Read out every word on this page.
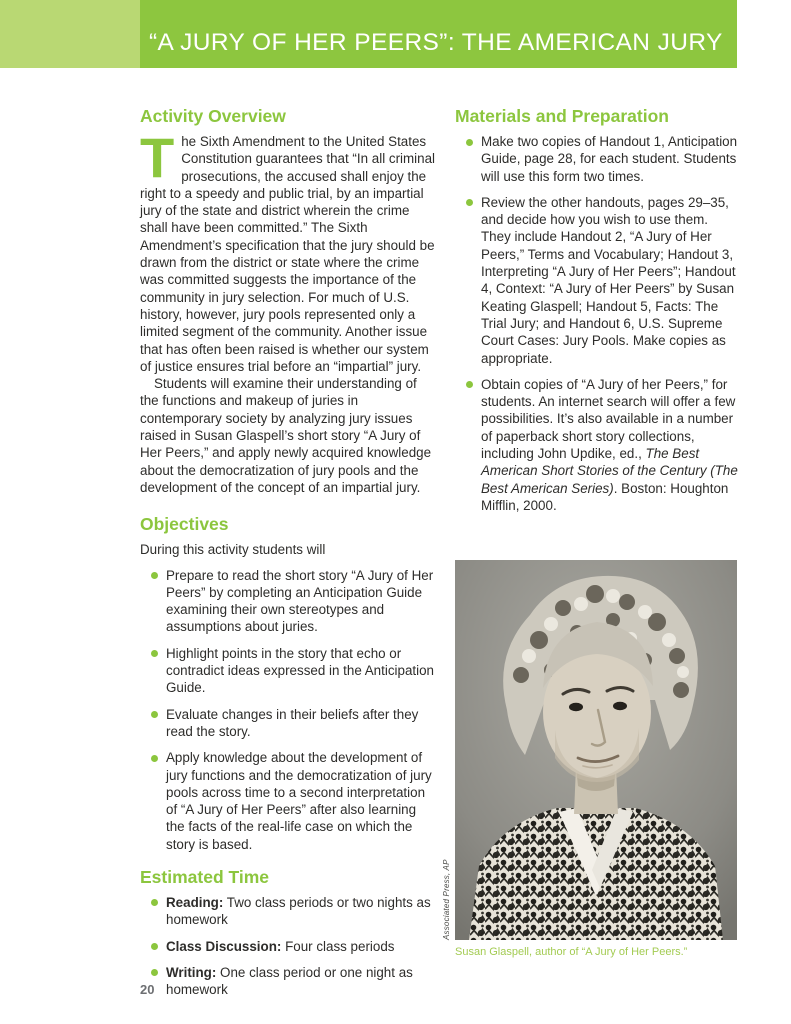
“A JURY OF HER PEERS”: THE AMERICAN JURY
Activity Overview

The Sixth Amendment to the United States Constitution guarantees that “In all criminal prosecutions, the accused shall enjoy the right to a speedy and public trial, by an impartial jury of the state and district wherein the crime shall have been committed.” The Sixth Amendment’s specification that the jury should be drawn from the district or state where the crime was committed suggests the importance of the community in jury selection. For much of U.S. history, however, jury pools represented only a limited segment of the community. Another issue that has often been raised is whether our system of justice ensures trial before an “impartial” jury.

Students will examine their understanding of the functions and makeup of juries in contemporary society by analyzing jury issues raised in Susan Glaspell’s short story “A Jury of Her Peers,” and apply newly acquired knowledge about the democratization of jury pools and the development of the concept of an impartial jury.

Objectives

During this activity students will

Prepare to read the short story “A Jury of Her Peers” by completing an Anticipation Guide examining their own stereotypes and assumptions about juries.
Highlight points in the story that echo or contradict ideas expressed in the Anticipation Guide.
Evaluate changes in their beliefs after they read the story.
Apply knowledge about the development of jury functions and the democratization of jury pools across time to a second interpretation of “A Jury of Her Peers” after also learning the facts of the real-life case on which the story is based.
Estimated Time
Reading: Two class periods or two nights as homework
Class Discussion: Four class periods
Writing: One class period or one night as homework
Materials and Preparation
Make two copies of Handout 1, Anticipation Guide, page 28, for each student. Students will use this form two times.
Review the other handouts, pages 29–35, and decide how you wish to use them. They include Handout 2, “A Jury of Her Peers,” Terms and Vocabulary; Handout 3, Interpreting “A Jury of Her Peers”; Handout 4, Context: “A Jury of Her Peers” by Susan Keating Glaspell; Handout 5, Facts: The Trial Jury; and Handout 6, U.S. Supreme Court Cases: Jury Pools. Make copies as appropriate.
Obtain copies of “A Jury of her Peers,” for students. An internet search will offer a few possibilities. It’s also available in a number of paperback short story collections, including John Updike, ed., The Best American Short Stories of the Century (The Best American Series). Boston: Houghton Mifflin, 2000.
Associated Press, AP
Susan Glaspell, author of “A Jury of Her Peers.”
20
